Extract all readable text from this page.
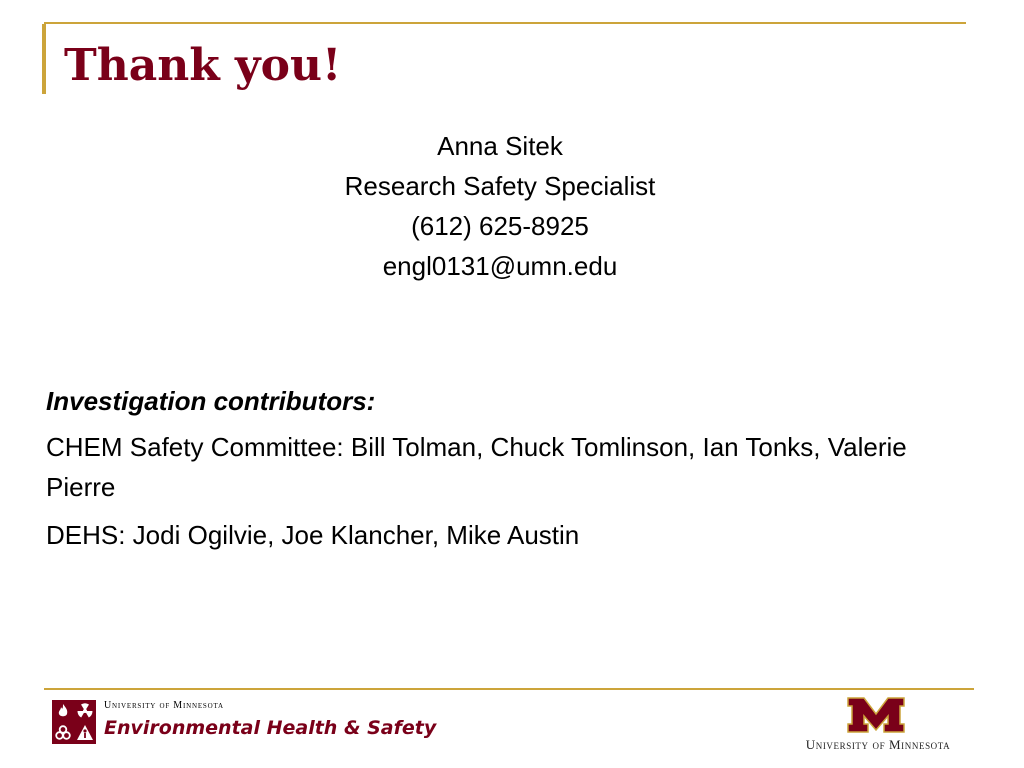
Thank you!
Anna Sitek
Research Safety Specialist
(612) 625-8925
engl0131@umn.edu
Investigation contributors:
CHEM Safety Committee: Bill Tolman, Chuck Tomlinson, Ian Tonks, Valerie Pierre
DEHS: Jodi Ogilvie, Joe Klancher, Mike Austin
University of Minnesota
Environmental Health & Safety
University of Minnesota
